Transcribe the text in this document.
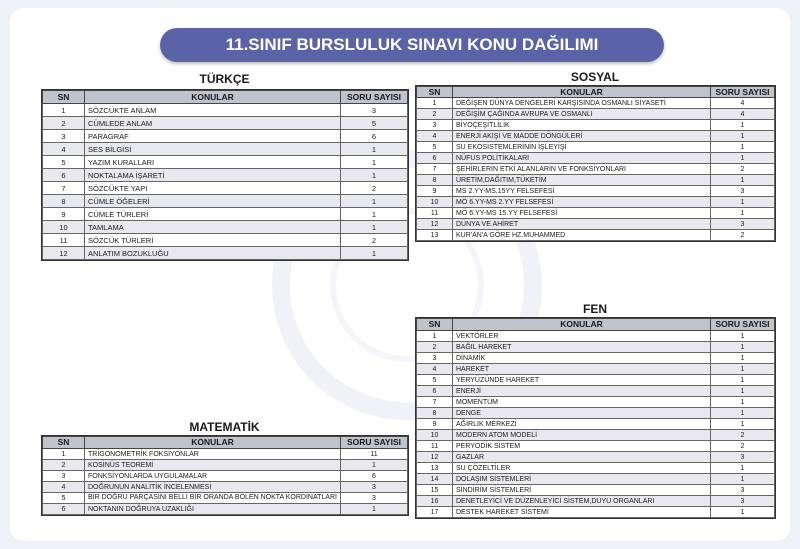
11.SINIF BURSLULUK SINAVI KONU DAĞILIMI
TÜRKÇE
SN	KONULAR	SORU SAYISI
1	SÖZCÜKTE ANLAM	3
2	CÜMLEDE ANLAM	5
3	PARAGRAF	6
4	SES BİLGİSİ	1
5	YAZIM KURALLARI	1
6	NOKTALAMA İŞARETİ	1
7	SÖZCÜKTE YAPI	2
8	CÜMLE ÖĞELERİ	1
9	CÜMLE TÜRLERİ	1
10	TAMLAMA	1
11	SÖZCÜK TÜRLERİ	2
12	ANLATIM BOZUKLUĞU	1
SOSYAL
SN	KONULAR	SORU SAYISI
1	DEĞİŞEN DÜNYA DENGELERİ KARŞISINDA OSMANLI SİYASETİ	4
2	DEĞİŞİM ÇAĞINDA AVRUPA VE OSMANLI	4
3	BİYOÇEŞİTLİLİK	1
4	ENERJİ AKIŞI VE MADDE DÖNGÜLERİ	1
5	SU EKOSİSTEMLERİNİN İŞLEYİŞİ	1
6	NÜFUS POLİTİKALARI	1
7	ŞEHİRLERİN ETKİ ALANLARIN VE FONKSİYONLARI	2
8	ÜRETİM,DAĞITIM,TÜKETİM	1
9	MS 2.YY-MS.15YY FELSEFESİ	3
10	MÖ 6.YY-MS 2.YY FELSEFESİ	1
11	MÖ 6.YY-MS 15.YY FELSEFESİ	1
12	DÜNYA VE AHİRET	3
13	KUR'AN'A GÖRE HZ.MUHAMMED	2
FEN
SN	KONULAR	SORU SAYISI
1	VEKTÖRLER	1
2	BAĞIL HAREKET	1
3	DİNAMİK	1
4	HAREKET	1
5	YERYÜZÜNDE HAREKET	1
6	ENERJİ	1
7	MOMENTUM	1
8	DENGE	1
9	AĞIRLIK MERKEZİ	1
10	MODERN ATOM MODELİ	2
11	PERYODİK SİSTEM	2
12	GAZLAR	3
13	SU ÇÖZELTİLER	1
14	DOLAŞIM SİSTEMLERİ	1
15	SİNDİRİM SİSTEMLERİ	3
16	DENETLEYİCİ VE DÜZENLEYİCİ SİSTEM,DUYU ORGANLARI	3
17	DESTEK HAREKET SİSTEMİ	1
MATEMATİK
SN	KONULAR	SORU SAYISI
1	TRİGONOMETRİK FOKSİYONLAR	11
2	KOSİNÜS TEOREMİ	1
3	FONKSİYONLARDA UYGULAMALAR	6
4	DOĞRUNUN ANALİTİK İNCELENMESİ	3
5	BİR DOĞRU PARÇASINI BELLİ BİR ORANDA BÖLEN NOKTA KORDİNATLARI	3
6	NOKTANIN DOĞRUYA UZAKLIĞI	1
